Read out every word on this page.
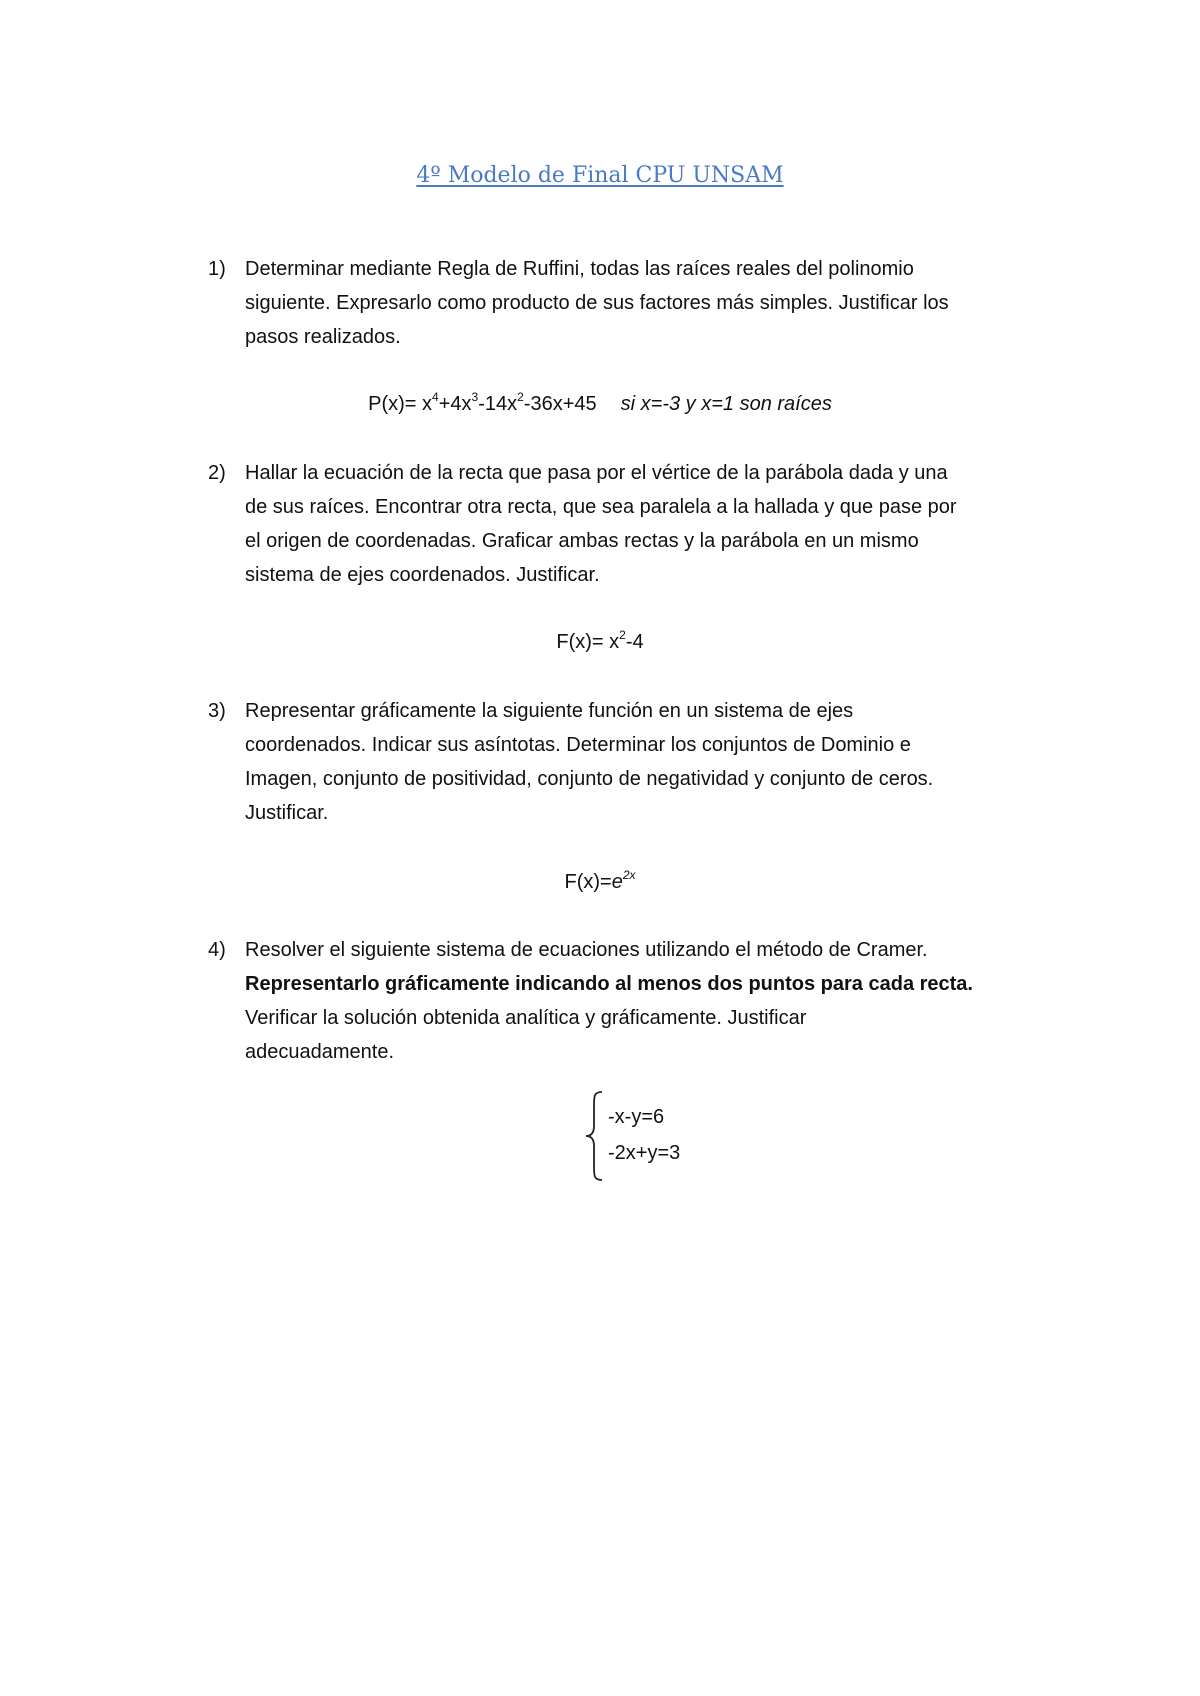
4º Modelo de Final CPU UNSAM
1) Determinar mediante Regla de Ruffini, todas las raíces reales del polinomio
siguiente. Expresarlo como producto de sus factores más simples. Justificar los
pasos realizados.
$P(x)= x^4+4x^3-14x^2-36x+45$ si x=-3 y x=1 son raíces
2) Hallar la ecuación de la recta que pasa por el vértice de la parábola dada y una
de sus raíces. Encontrar otra recta, que sea paralela a la hallada y que pase por
el origen de coordenadas. Graficar ambas rectas y la parábola en un mismo
sistema de ejes coordenados. Justificar.
$F(x)= x^2-4$
3) Representar gráficamente la siguiente función en un sistema de ejes
coordenados. Indicar sus asíntotas. Determinar los conjuntos de Dominio e
Imagen, conjunto de positividad, conjunto de negatividad y conjunto de ceros.
Justificar.
$F(x)=e^{2x}$
4) Resolver el siguiente sistema de ecuaciones utilizando el método de Cramer.
Representarlo gráficamente indicando al menos dos puntos para cada recta.
Verificar la solución obtenida analítica y gráficamente. Justificar
adecuadamente.
-x-y=6
-2x+y=3
